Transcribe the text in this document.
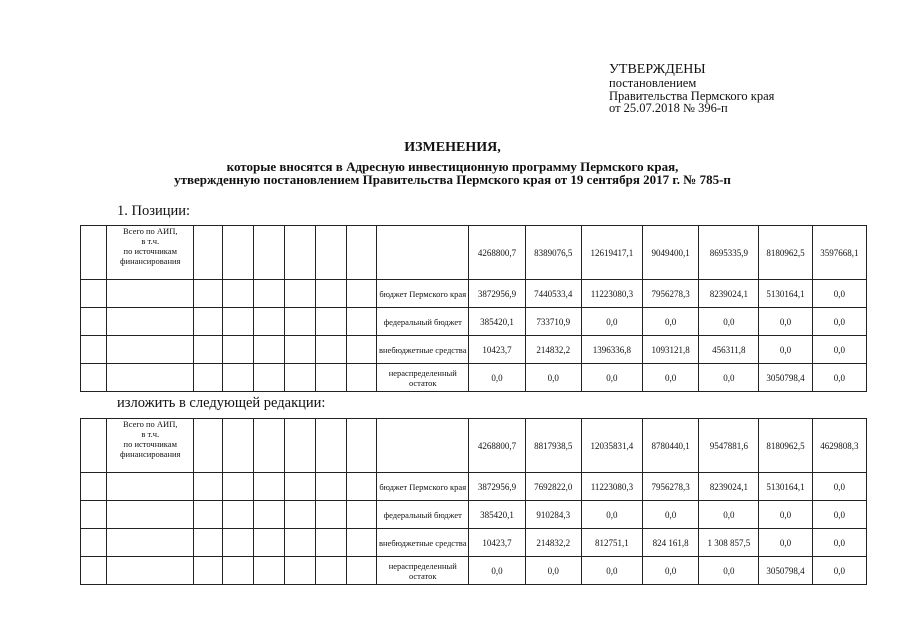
УТВЕРЖДЕНЫ
постановлением
Правительства Пермского края
от 25.07.2018 № 396-п
ИЗМЕНЕНИЯ,
которые вносятся в Адресную инвестиционную программу Пермского края,
утвержденную постановлением Правительства Пермского края от 19 сентября 2017 г. № 785-п
1. Позиции:
изложить в следующей редакции:

	Всего по АИП,
в т.ч.
по источникам
финансирования								4268800,7	8389076,5	12619417,1	9049400,1	8695335,9	8180962,5	3597668,1
								бюджет Пермского края	3872956,9	7440533,4	11223080,3	7956278,3	8239024,1	5130164,1	0,0
								федеральный бюджет	385420,1	733710,9	0,0	0,0	0,0	0,0	0,0
								внебюджетные средства	10423,7	214832,2	1396336,8	1093121,8	456311,8	0,0	0,0
								нераспределенный остаток	0,0	0,0	0,0	0,0	0,0	3050798,4	0,0

	Всего по АИП,
в т.ч.
по источникам
финансирования								4268800,7	8817938,5	12035831,4	8780440,1	9547881,6	8180962,5	4629808,3
								бюджет Пермского края	3872956,9	7692822,0	11223080,3	7956278,3	8239024,1	5130164,1	0,0
								федеральный бюджет	385420,1	910284,3	0,0	0,0	0,0	0,0	0,0
								внебюджетные средства	10423,7	214832,2	812751,1	824 161,8	1 308 857,5	0,0	0,0
								нераспределенный остаток	0,0	0,0	0,0	0,0	0,0	3050798,4	0,0
